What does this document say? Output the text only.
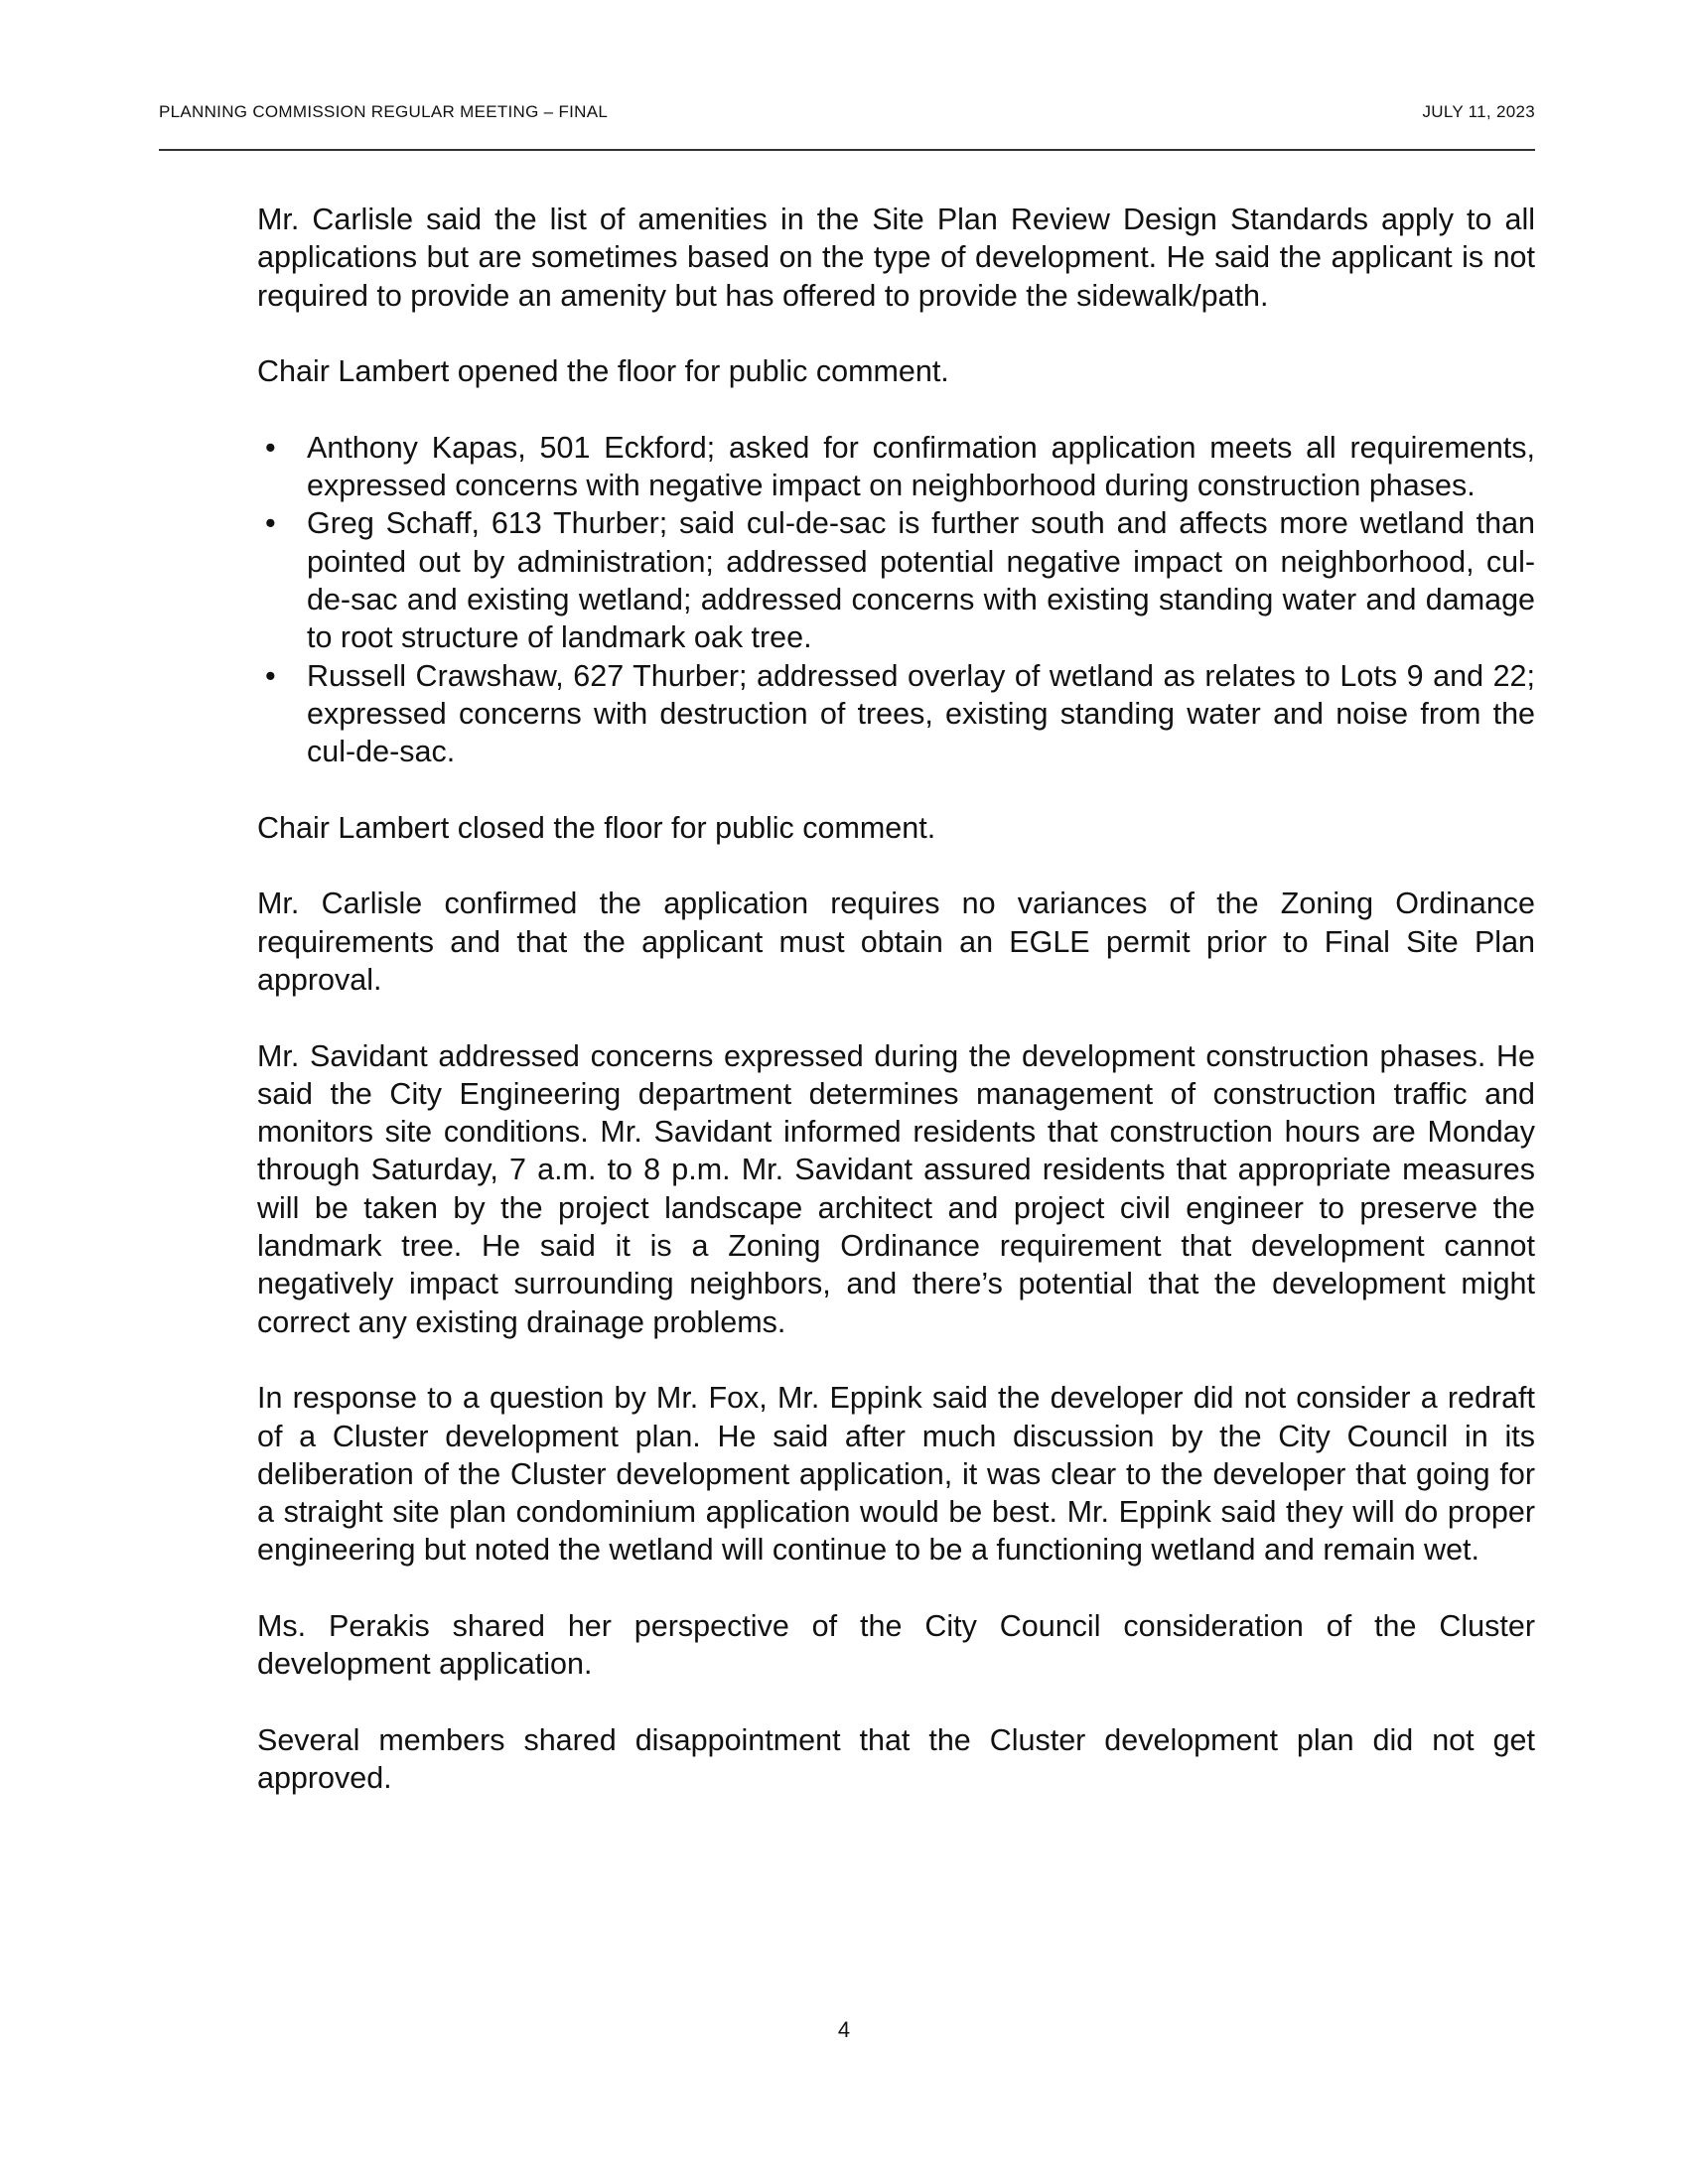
PLANNING COMMISSION REGULAR MEETING – FINAL	JULY 11, 2023

Mr. Carlisle said the list of amenities in the Site Plan Review Design Standards apply to all applications but are sometimes based on the type of development. He said the applicant is not required to provide an amenity but has offered to provide the sidewalk/path.

Chair Lambert opened the floor for public comment.

• Anthony Kapas, 501 Eckford; asked for confirmation application meets all requirements, expressed concerns with negative impact on neighborhood during construction phases.
• Greg Schaff, 613 Thurber; said cul-de-sac is further south and affects more wetland than pointed out by administration; addressed potential negative impact on neighborhood, cul-de-sac and existing wetland; addressed concerns with existing standing water and damage to root structure of landmark oak tree.
• Russell Crawshaw, 627 Thurber; addressed overlay of wetland as relates to Lots 9 and 22; expressed concerns with destruction of trees, existing standing water and noise from the cul-de-sac.

Chair Lambert closed the floor for public comment.

Mr. Carlisle confirmed the application requires no variances of the Zoning Ordinance requirements and that the applicant must obtain an EGLE permit prior to Final Site Plan approval.

Mr. Savidant addressed concerns expressed during the development construction phases. He said the City Engineering department determines management of construction traffic and monitors site conditions. Mr. Savidant informed residents that construction hours are Monday through Saturday, 7 a.m. to 8 p.m. Mr. Savidant assured residents that appropriate measures will be taken by the project landscape architect and project civil engineer to preserve the landmark tree. He said it is a Zoning Ordinance requirement that development cannot negatively impact surrounding neighbors, and there’s potential that the development might correct any existing drainage problems.

In response to a question by Mr. Fox, Mr. Eppink said the developer did not consider a redraft of a Cluster development plan. He said after much discussion by the City Council in its deliberation of the Cluster development application, it was clear to the developer that going for a straight site plan condominium application would be best. Mr. Eppink said they will do proper engineering but noted the wetland will continue to be a functioning wetland and remain wet.

Ms. Perakis shared her perspective of the City Council consideration of the Cluster development application.

Several members shared disappointment that the Cluster development plan did not get approved.

4
